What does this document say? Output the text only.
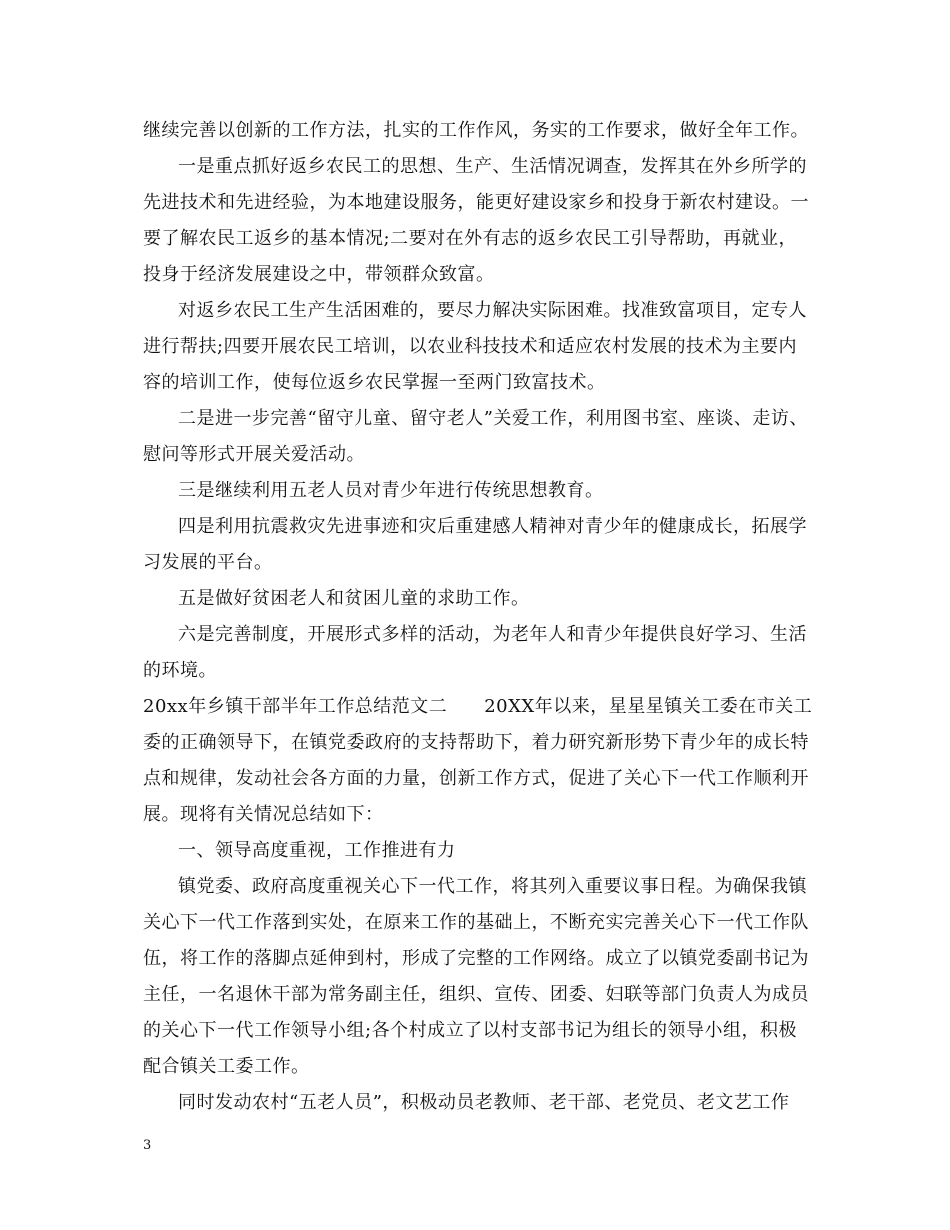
继续完善以创新的工作方法，扎实的工作作风，务实的工作要求，做好全年工作。
一是重点抓好返乡农民工的思想、生产、生活情况调查，发挥其在外乡所学的
先进技术和先进经验，为本地建设服务，能更好建设家乡和投身于新农村建设。一
要了解农民工返乡的基本情况;二要对在外有志的返乡农民工引导帮助，再就业，
投身于经济发展建设之中，带领群众致富。
对返乡农民工生产生活困难的，要尽力解决实际困难。找准致富项目，定专人
进行帮扶;四要开展农民工培训，以农业科技技术和适应农村发展的技术为主要内
容的培训工作，使每位返乡农民掌握一至两门致富技术。
二是进一步完善“留守儿童、留守老人”关爱工作，利用图书室、座谈、走访、
慰问等形式开展关爱活动。
三是继续利用五老人员对青少年进行传统思想教育。
四是利用抗震救灾先进事迹和灾后重建感人精神对青少年的健康成长，拓展学
习发展的平台。
五是做好贫困老人和贫困儿童的求助工作。
六是完善制度，开展形式多样的活动，为老年人和青少年提供良好学习、生活
的环境。
20xx年乡镇干部半年工作总结范文二　　20XX年以来，星星星镇关工委在市关工
委的正确领导下，在镇党委政府的支持帮助下，着力研究新形势下青少年的成长特
点和规律，发动社会各方面的力量，创新工作方式，促进了关心下一代工作顺利开
展。现将有关情况总结如下：
一、领导高度重视，工作推进有力
镇党委、政府高度重视关心下一代工作，将其列入重要议事日程。为确保我镇
关心下一代工作落到实处，在原来工作的基础上，不断充实完善关心下一代工作队
伍，将工作的落脚点延伸到村，形成了完整的工作网络。成立了以镇党委副书记为
主任，一名退休干部为常务副主任，组织、宣传、团委、妇联等部门负责人为成员
的关心下一代工作领导小组;各个村成立了以村支部书记为组长的领导小组，积极
配合镇关工委工作。
同时发动农村“五老人员”，积极动员老教师、老干部、老党员、老文艺工作
3
